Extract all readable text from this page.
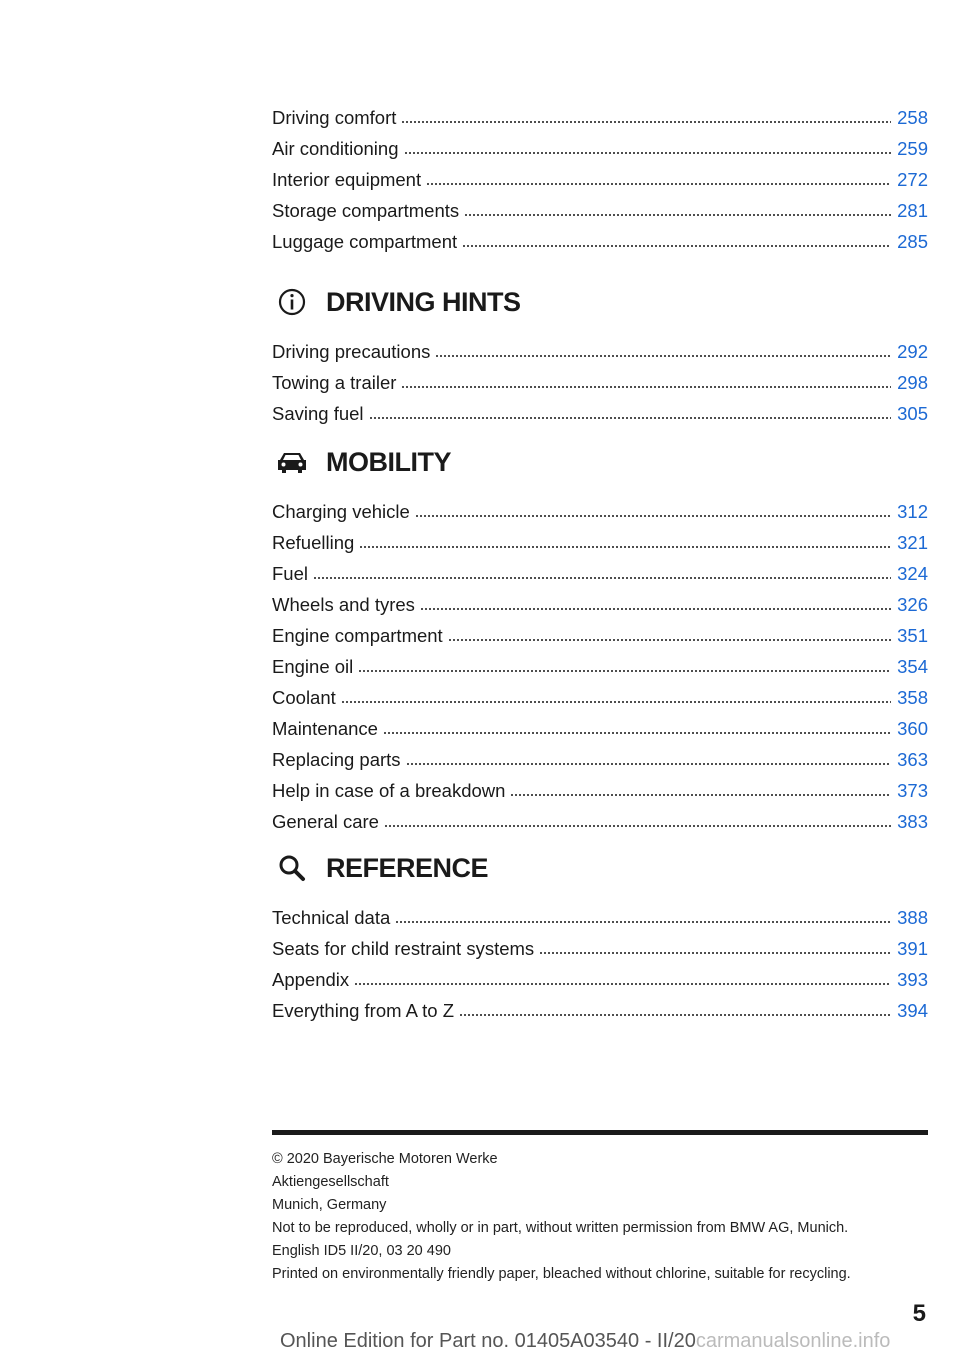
Driving comfort	258
Air conditioning	259
Interior equipment	272
Storage compartments	281
Luggage compartment	285
DRIVING HINTS
Driving precautions	292
Towing a trailer	298
Saving fuel	305
MOBILITY
Charging vehicle	312
Refuelling	321
Fuel	324
Wheels and tyres	326
Engine compartment	351
Engine oil	354
Coolant	358
Maintenance	360
Replacing parts	363
Help in case of a breakdown	373
General care	383
REFERENCE
Technical data	388
Seats for child restraint systems	391
Appendix	393
Everything from A to Z	394
© 2020 Bayerische Motoren Werke
Aktiengesellschaft
Munich, Germany
Not to be reproduced, wholly or in part, without written permission from BMW AG, Munich.
English ID5 II/20, 03 20 490
Printed on environmentally friendly paper, bleached without chlorine, suitable for recycling.
5
Online Edition for Part no. 01405A03540 - II/20carmanualsonline.info
